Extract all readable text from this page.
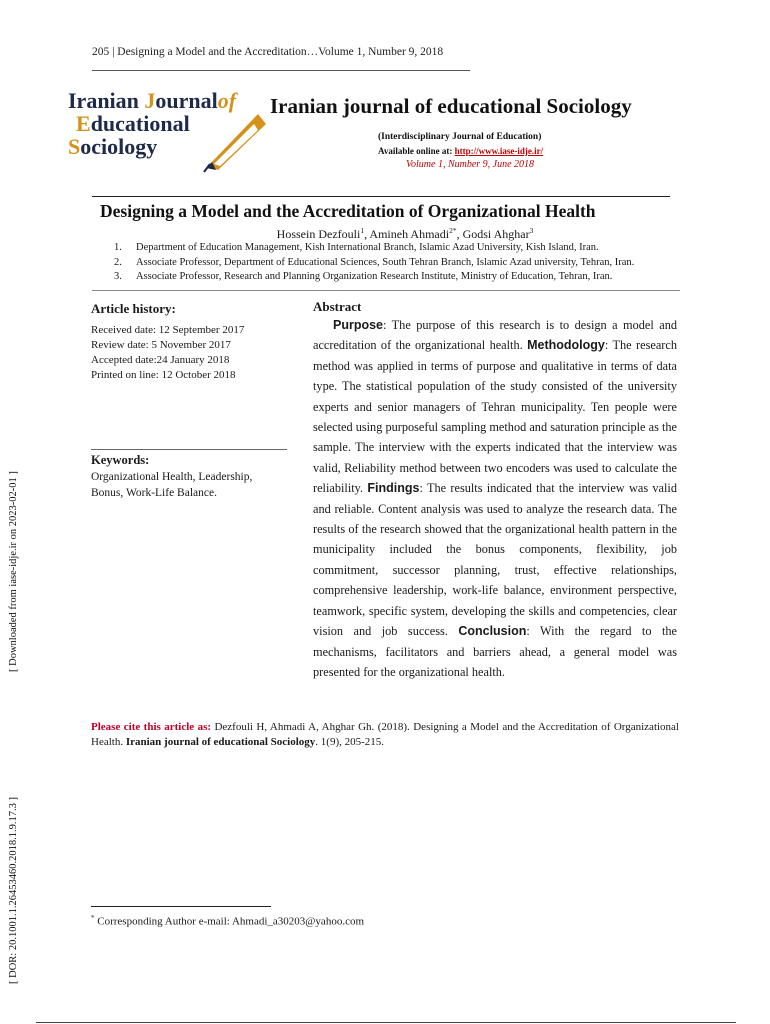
205 | Designing a Model and the Accreditation…Volume 1, Number 9, 2018
Iranian Journalof
Educational
Sociology
Iranian journal of educational Sociology
(Interdisciplinary Journal of Education)
Available online at: http://www.iase-idje.ir/
Volume 1, Number 9, June 2018
Designing a Model and the Accreditation of Organizational Health
Hossein Dezfouli$^1$, Amineh Ahmadi$^{2*}$, Godsi Ahghar$^3$
1. Department of Education Management, Kish International Branch, Islamic Azad University, Kish Island, Iran.
2. Associate Professor, Department of Educational Sciences, South Tehran Branch, Islamic Azad university, Tehran, Iran.
3. Associate Professor, Research and Planning Organization Research Institute, Ministry of Education, Tehran, Iran.
Article history:
Received date: 12 September 2017
Review date: 5 November 2017
Accepted date:24 January 2018
Printed on line: 12 October 2018
Keywords:
Organizational Health, Leadership, Bonus, Work-Life Balance.
Abstract
Purpose: The purpose of this research is to design a model and accreditation of the organizational health. Methodology: The research method was applied in terms of purpose and qualitative in terms of data type. The statistical population of the study consisted of the university experts and senior managers of Tehran municipality. Ten people were selected using purposeful sampling method and saturation principle as the sample. The interview with the experts indicated that the interview was valid, Reliability method between two encoders was used to calculate the reliability. Findings: The results indicated that the interview was valid and reliable. Content analysis was used to analyze the research data. The results of the research showed that the organizational health pattern in the municipality included the bonus components, flexibility, job commitment, successor planning, trust, effective relationships, comprehensive leadership, work-life balance, environment perspective, teamwork, specific system, developing the skills and competencies, clear vision and job success. Conclusion: With the regard to the mechanisms, facilitators and barriers ahead, a general model was presented for the organizational health.
Please cite this article as: Dezfouli H, Ahmadi A, Ahghar Gh. (2018). Designing a Model and the Accreditation of Organizational Health. Iranian journal of educational Sociology. 1(9), 205-215.
* Corresponding Author e-mail: Ahmadi_a30203@yahoo.com
[ Downloaded from iase-idje.ir on 2023-02-01 ]
[ DOR: 20.1001.1.26453460.2018.1.9.17.3 ]
